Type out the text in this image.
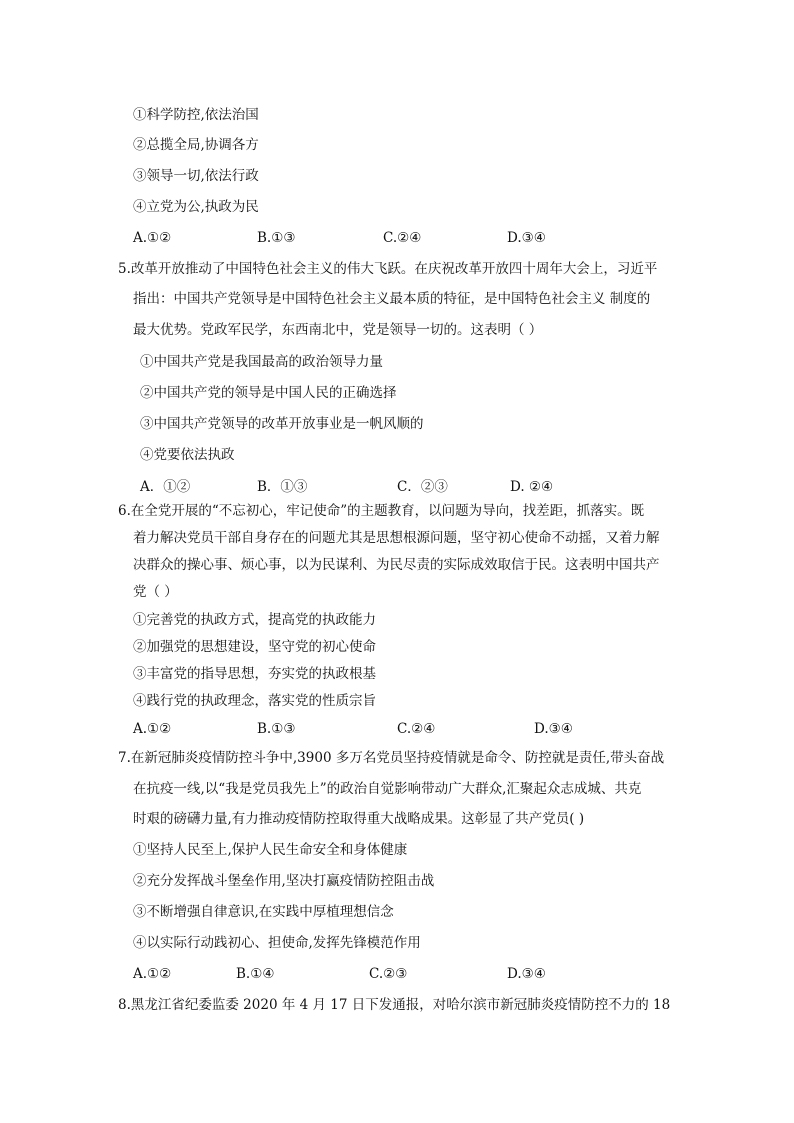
①科学防控,依法治国
②总揽全局,协调各方
③领导一切,依法行政
④立党为公,执政为民
A.①②	B.①③	C.②④	D.③④
5.改革开放推动了中国特色社会主义的伟大飞跃。在庆祝改革开放四十周年大会上，习近平
指出：中国共产党领导是中国特色社会主义最本质的特征，是中国特色社会主义 制度的
最大优势。党政军民学，东西南北中，党是领导一切的。这表明（ ）
①中国共产党是我国最高的政治领导力量
②中国共产党的领导是中国人民的正确选择
③中国共产党领导的改革开放事业是一帆风顺的
④党要依法执政
A．①②	B．①③	C．②③	D. ②④
6.在全党开展的“不忘初心，牢记使命”的主题教育，以问题为导向，找差距，抓落实。既
着力解决党员干部自身存在的问题尤其是思想根源问题，坚守初心使命不动摇，又着力解
决群众的操心事、烦心事，以为民谋利、为民尽责的实际成效取信于民。这表明中国共产
党（ ）
①完善党的执政方式，提高党的执政能力
②加强党的思想建设，坚守党的初心使命
③丰富党的指导思想，夯实党的执政根基
④践行党的执政理念，落实党的性质宗旨
A.①②	B.①③	C.②④	D.③④
7.在新冠肺炎疫情防控斗争中,3900 多万名党员坚持疫情就是命令、防控就是责任,带头奋战
在抗疫一线,以“我是党员我先上”的政治自觉影响带动广大群众,汇聚起众志成城、共克
时艰的磅礴力量,有力推动疫情防控取得重大战略成果。这彰显了共产党员( )
①坚持人民至上,保护人民生命安全和身体健康
②充分发挥战斗堡垒作用,坚决打赢疫情防控阻击战
③不断增强自律意识,在实践中厚植理想信念
④以实际行动践初心、担使命,发挥先锋模范作用
A.①②	B.①④	C.②③	D.③④
8.黑龙江省纪委监委 2020 年 4 月 17 日下发通报，对哈尔滨市新冠肺炎疫情防控不力的 18
